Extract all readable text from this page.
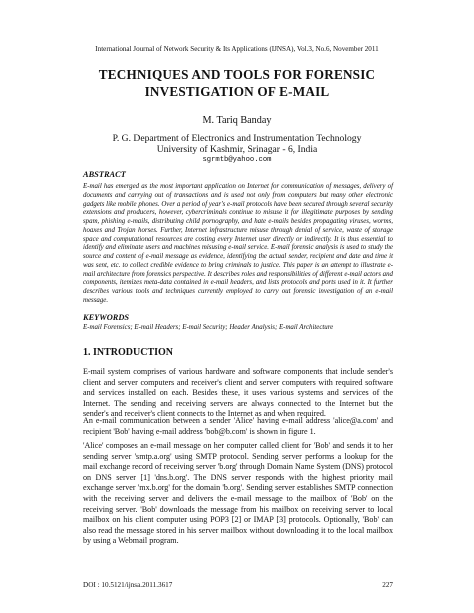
International Journal of Network Security & Its Applications (IJNSA), Vol.3, No.6, November 2011
TECHNIQUES AND TOOLS FOR FORENSIC
INVESTIGATION OF E-MAIL
M. Tariq Banday
P. G. Department of Electronics and Instrumentation Technology
University of Kashmir, Srinagar - 6, India
sgrmtb@yahoo.com
ABSTRACT

E-mail has emerged as the most important application on Internet for communication of messages, delivery of documents and carrying out of transactions and is used not only from computers but many other electronic gadgets like mobile phones. Over a period of year's e-mail protocols have been secured through several security extensions and producers, however, cybercriminals continue to misuse it for illegitimate purposes by sending spam, phishing e-mails, distributing child pornography, and hate e-mails besides propagating viruses, worms, hoaxes and Trojan horses. Further, Internet infrastructure misuse through denial of service, waste of storage space and computational resources are costing every Internet user directly or indirectly. It is thus essential to identify and eliminate users and machines misusing e-mail service. E-mail forensic analysis is used to study the source and content of e-mail message as evidence, identifying the actual sender, recipient and date and time it was sent, etc. to collect credible evidence to bring criminals to justice. This paper is an attempt to illustrate e-mail architecture from forensics perspective. It describes roles and responsibilities of different e-mail actors and components, itemizes meta-data contained in e-mail headers, and lists protocols and ports used in it. It further describes various tools and techniques currently employed to carry out forensic investigation of an e-mail message.

KEYWORDS

E-mail Forensics; E-mail Headers; E-mail Security; Header Analysis; E-mail Architecture

1. INTRODUCTION

E-mail system comprises of various hardware and software components that include sender's client and server computers and receiver's client and server computers with required software and services installed on each. Besides these, it uses various systems and services of the Internet. The sending and receiving servers are always connected to the Internet but the sender's and receiver's client connects to the Internet as and when required.

An e-mail communication between a sender 'Alice' having e-mail address 'alice@a.com' and recipient 'Bob' having e-mail address 'bob@b.com' is shown in figure 1.

'Alice' composes an e-mail message on her computer called client for 'Bob' and sends it to her sending server 'smtp.a.org' using SMTP protocol. Sending server performs a lookup for the mail exchange record of receiving server 'b.org' through Domain Name System (DNS) protocol on DNS server [1] 'dns.b.org'. The DNS server responds with the highest priority mail exchange server 'mx.b.org' for the domain 'b.org'. Sending server establishes SMTP connection with the receiving server and delivers the e-mail message to the mailbox of 'Bob' on the receiving server. 'Bob' downloads the message from his mailbox on receiving server to local mailbox on his client computer using POP3 [2] or IMAP [3] protocols. Optionally, 'Bob' can also read the message stored in his server mailbox without downloading it to the local mailbox by using a Webmail program.

DOI : 10.5121/ijnsa.2011.3617	227
